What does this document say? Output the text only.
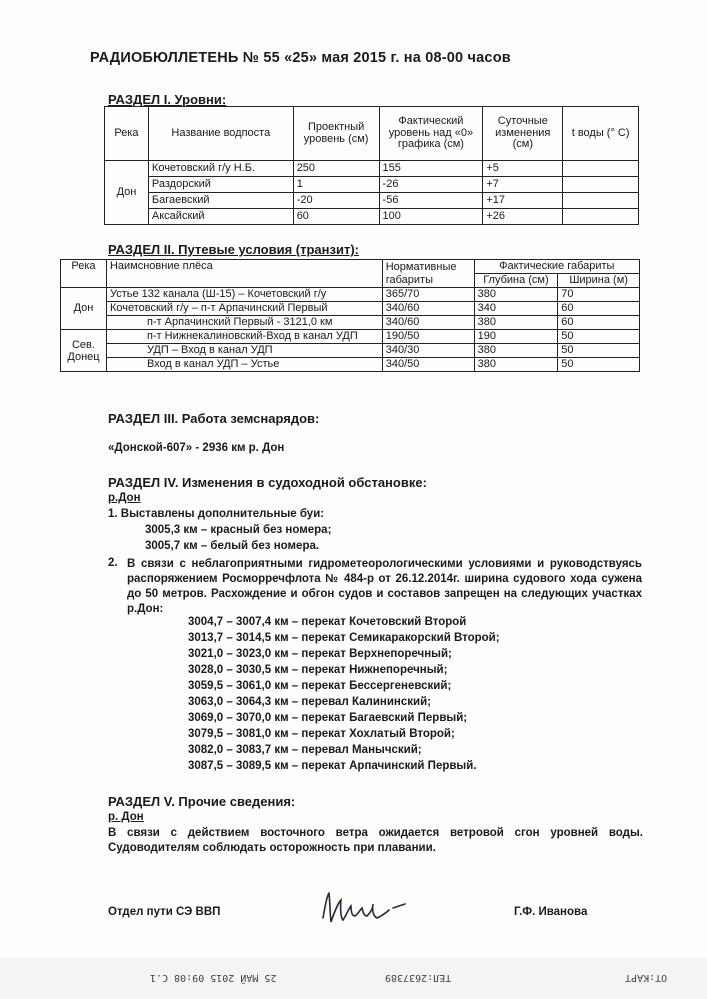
РАДИОБЮЛЛЕТЕНЬ № 55 «25» мая 2015 г. на 08-00 часов
РАЗДЕЛ I. Уровни:
Река	Название водпоста	Проектный уровень (см)	Фактический уровень над «0» графика (см)	Суточные изменения (см)	t воды (° C)
Дон	Кочетовский г/у Н.Б.	250	155	+5	
	Раздорский	1	-26	+7	
	Багаевский	-20	-56	+17	
	Аксайский	60	100	+26	
РАЗДЕЛ II. Путевые условия (транзит):
Река	Наимсновние плёса	Нормативные габариты	Фактические габариты	
			Глубина (см)	Ширина (м)
Дон	Устье 132 канала (Ш-15) – Кочетовский г/у	365/70	380	70
	Кочетовский г/у – п-т Арпачинский Первый	340/60	340	60
	п-т Арпачинский Первый - 3121,0 км	340/60	380	60
Сев. Донец	п-т Нижнекалиновский-Вход в канал УДП	190/50	190	50
	УДП – Вход в канал УДП	340/30	380	50
	Вход в канал УДП – Устье	340/50	380	50
РАЗДЕЛ III. Работа земснарядов:
«Донской-607» - 2936 км р. Дон
РАЗДЕЛ IV. Изменения в судоходной обстановке:
р.Дон
1. Выставлены дополнительные буи:
3005,3 км – красный без номера;
3005,7 км – белый без номера.
2. В связи с неблагоприятными гидрометеорологическими условиями и руководствуясь распоряжением Росморречфлота № 484-р от 26.12.2014г. ширина судового хода сужена до 50 метров. Расхождение и обгон судов и составов запрещен на следующих участках р.Дон:
3004,7 – 3007,4 км – перекат Кочетовский Второй
3013,7 – 3014,5 км – перекат Семикаракорский Второй;
3021,0 – 3023,0 км – перекат Верхнепоречный;
3028,0 – 3030,5 км – перекат Нижнепоречный;
3059,5 – 3061,0 км – перекат Бессергеневский;
3063,0 – 3064,3 км – перевал Калининский;
3069,0 – 3070,0 км – перекат Багаевский Первый;
3079,5 – 3081,0 км – перекат Хохлатый Второй;
3082,0 – 3083,7 км – перевал Манычский;
3087,5 – 3089,5 км – перекат Арпачинский Первый.
РАЗДЕЛ V. Прочие сведения:
р. Дон
В связи с действием восточного ветра ожидается ветровой сгон уровней воды. Судоводителям соблюдать осторожность при плавании.
Отдел пути СЭ ВВП	Г.Ф. Иванова
ОТ:КАРТ
ТЕЛ:2637389
25 МАЙ 2015 09:08 С.1
